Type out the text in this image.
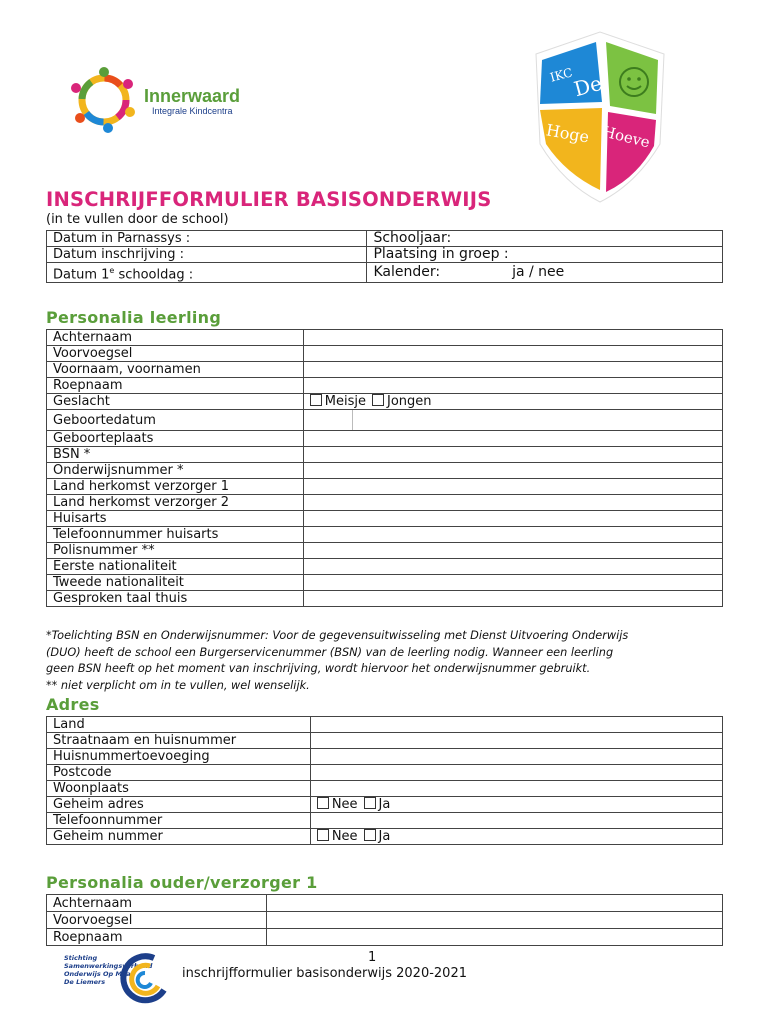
Innerwaard
Integrale Kindcentra
IKC
De
Hoge Hoeve
INSCHRIJFFORMULIER BASISONDERWIJS
(in te vullen door de school)
Datum in Parnassys :	Schooljaar:
Datum inschrijving :	Plaatsing in groep :
Datum 1e schooldag :	Kalender: ja / nee
Personalia leerling
Achternaam	
Voorvoegsel	
Voornaam, voornamen	
Roepnaam	
Geslacht	Meisje Jongen
Geboortedatum	

Geboorteplaats	
BSN *	
Onderwijsnummer *	
Land herkomst verzorger 1	
Land herkomst verzorger 2	
Huisarts	
Telefoonnummer huisarts	
Polisnummer **	
Eerste nationaliteit	
Tweede nationaliteit	
Gesproken taal thuis	
*Toelichting BSN en Onderwijsnummer: Voor de gegevensuitwisseling met Dienst Uitvoering Onderwijs
(DUO) heeft de school een Burgerservicenummer (BSN) van de leerling nodig. Wanneer een leerling
geen BSN heeft op het moment van inschrijving, wordt hiervoor het onderwijsnummer gebruikt.
** niet verplicht om in te vullen, wel wenselijk.
Adres
Land	
Straatnaam en huisnummer	
Huisnummertoevoeging	
Postcode	
Woonplaats	
Geheim adres	Nee Ja
Telefoonnummer	
Geheim nummer	Nee Ja
Personalia ouder/verzorger 1
Achternaam	
Voorvoegsel	
Roepnaam	
Stichting
Samenwerkingsverband
Onderwijs Op Maat
De Liemers
1
inschrijfformulier basisonderwijs 2020-2021
